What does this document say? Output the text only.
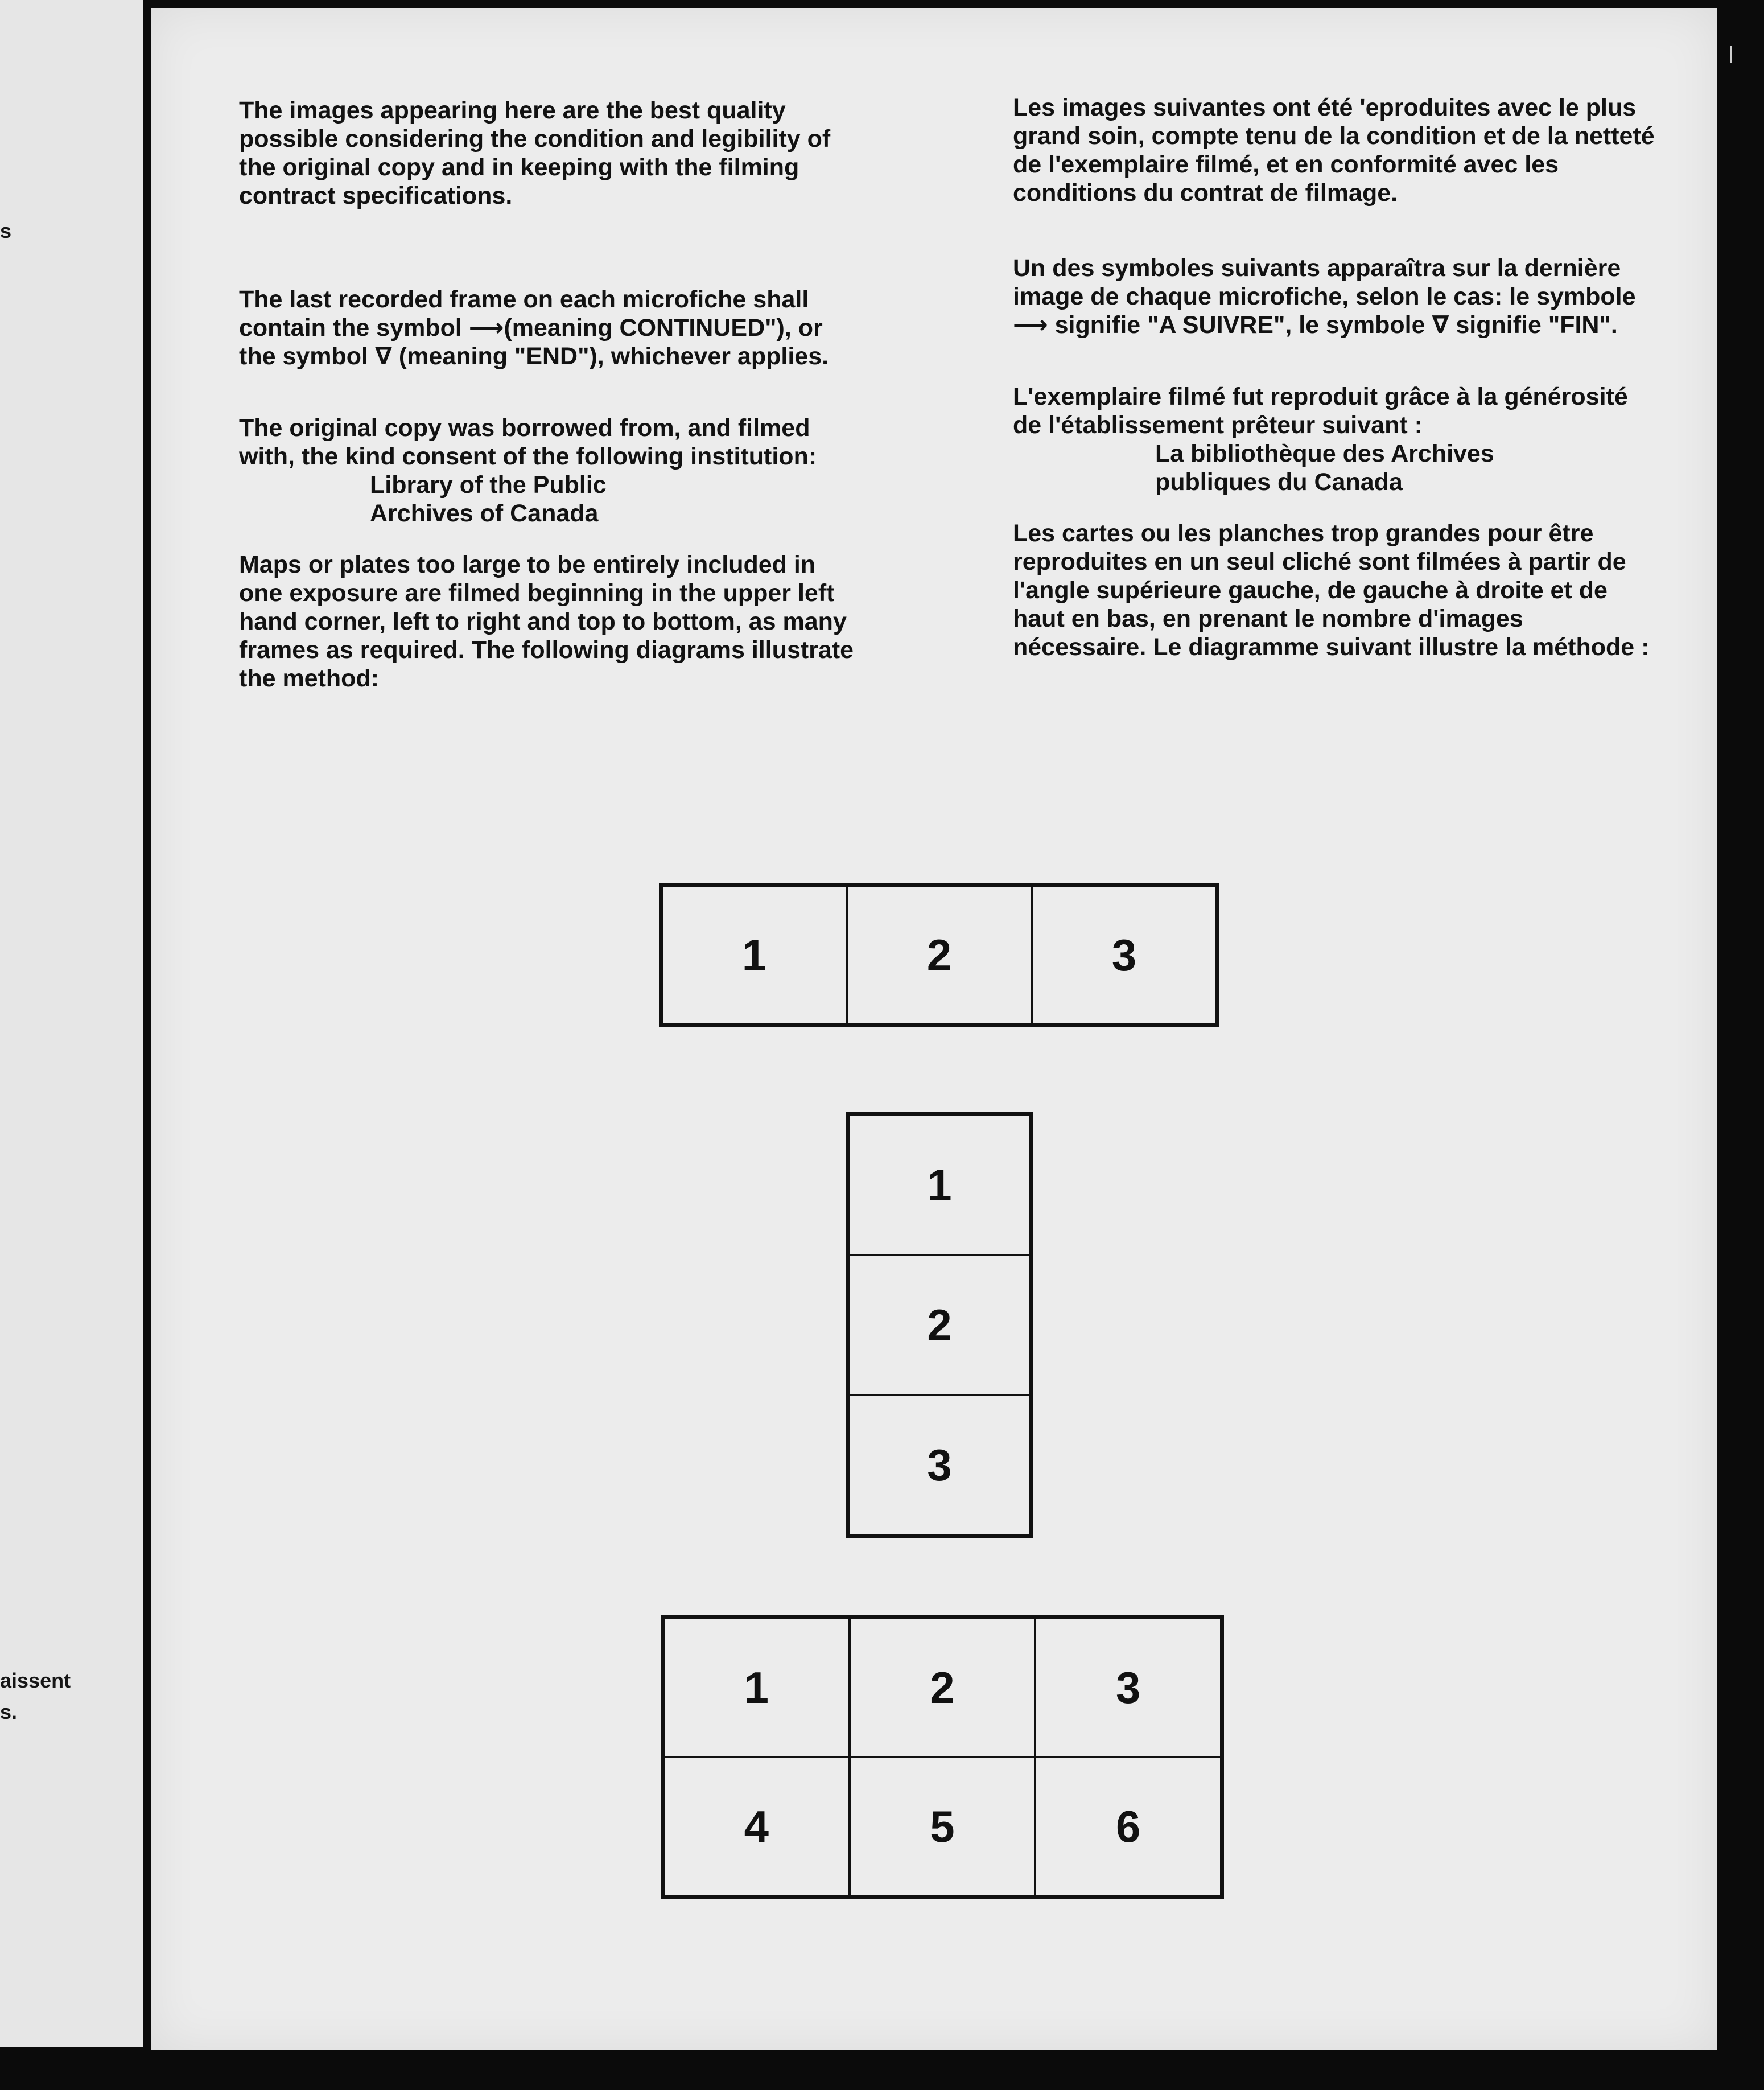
s
aissent
s.

The images appearing here are the best quality possible considering the condition and legibility of the original copy and in keeping with the filming contract specifications.

The last recorded frame on each microfiche shall contain the symbol ⟶(meaning CONTINUED"), or the symbol ∇ (meaning "END"), whichever applies.

The original copy was borrowed from, and filmed with, the kind consent of the following institution:

Library of the Public
Archives of Canada

Maps or plates too large to be entirely included in one exposure are filmed beginning in the upper left hand corner, left to right and top to bottom, as many frames as required. The following diagrams illustrate the method:

Les images suivantes ont été 'eproduites avec le plus grand soin, compte tenu de la condition et de la netteté de l'exemplaire filmé, et en conformité avec les conditions du contrat de filmage.

Un des symboles suivants apparaîtra sur la dernière image de chaque microfiche, selon le cas: le symbole ⟶ signifie "A SUIVRE", le symbole ∇ signifie "FIN".

L'exemplaire filmé fut reproduit grâce à la générosité de l'établissement prêteur suivant :

La bibliothèque des Archives
publiques du Canada

Les cartes ou les planches trop grandes pour être reproduites en un seul cliché sont filmées à partir de l'angle supérieure gauche, de gauche à droite et de haut en bas, en prenant le nombre d'images nécessaire. Le diagramme suivant illustre la méthode :

1	2	3
1
2
3
1	2	3
4	5	6
